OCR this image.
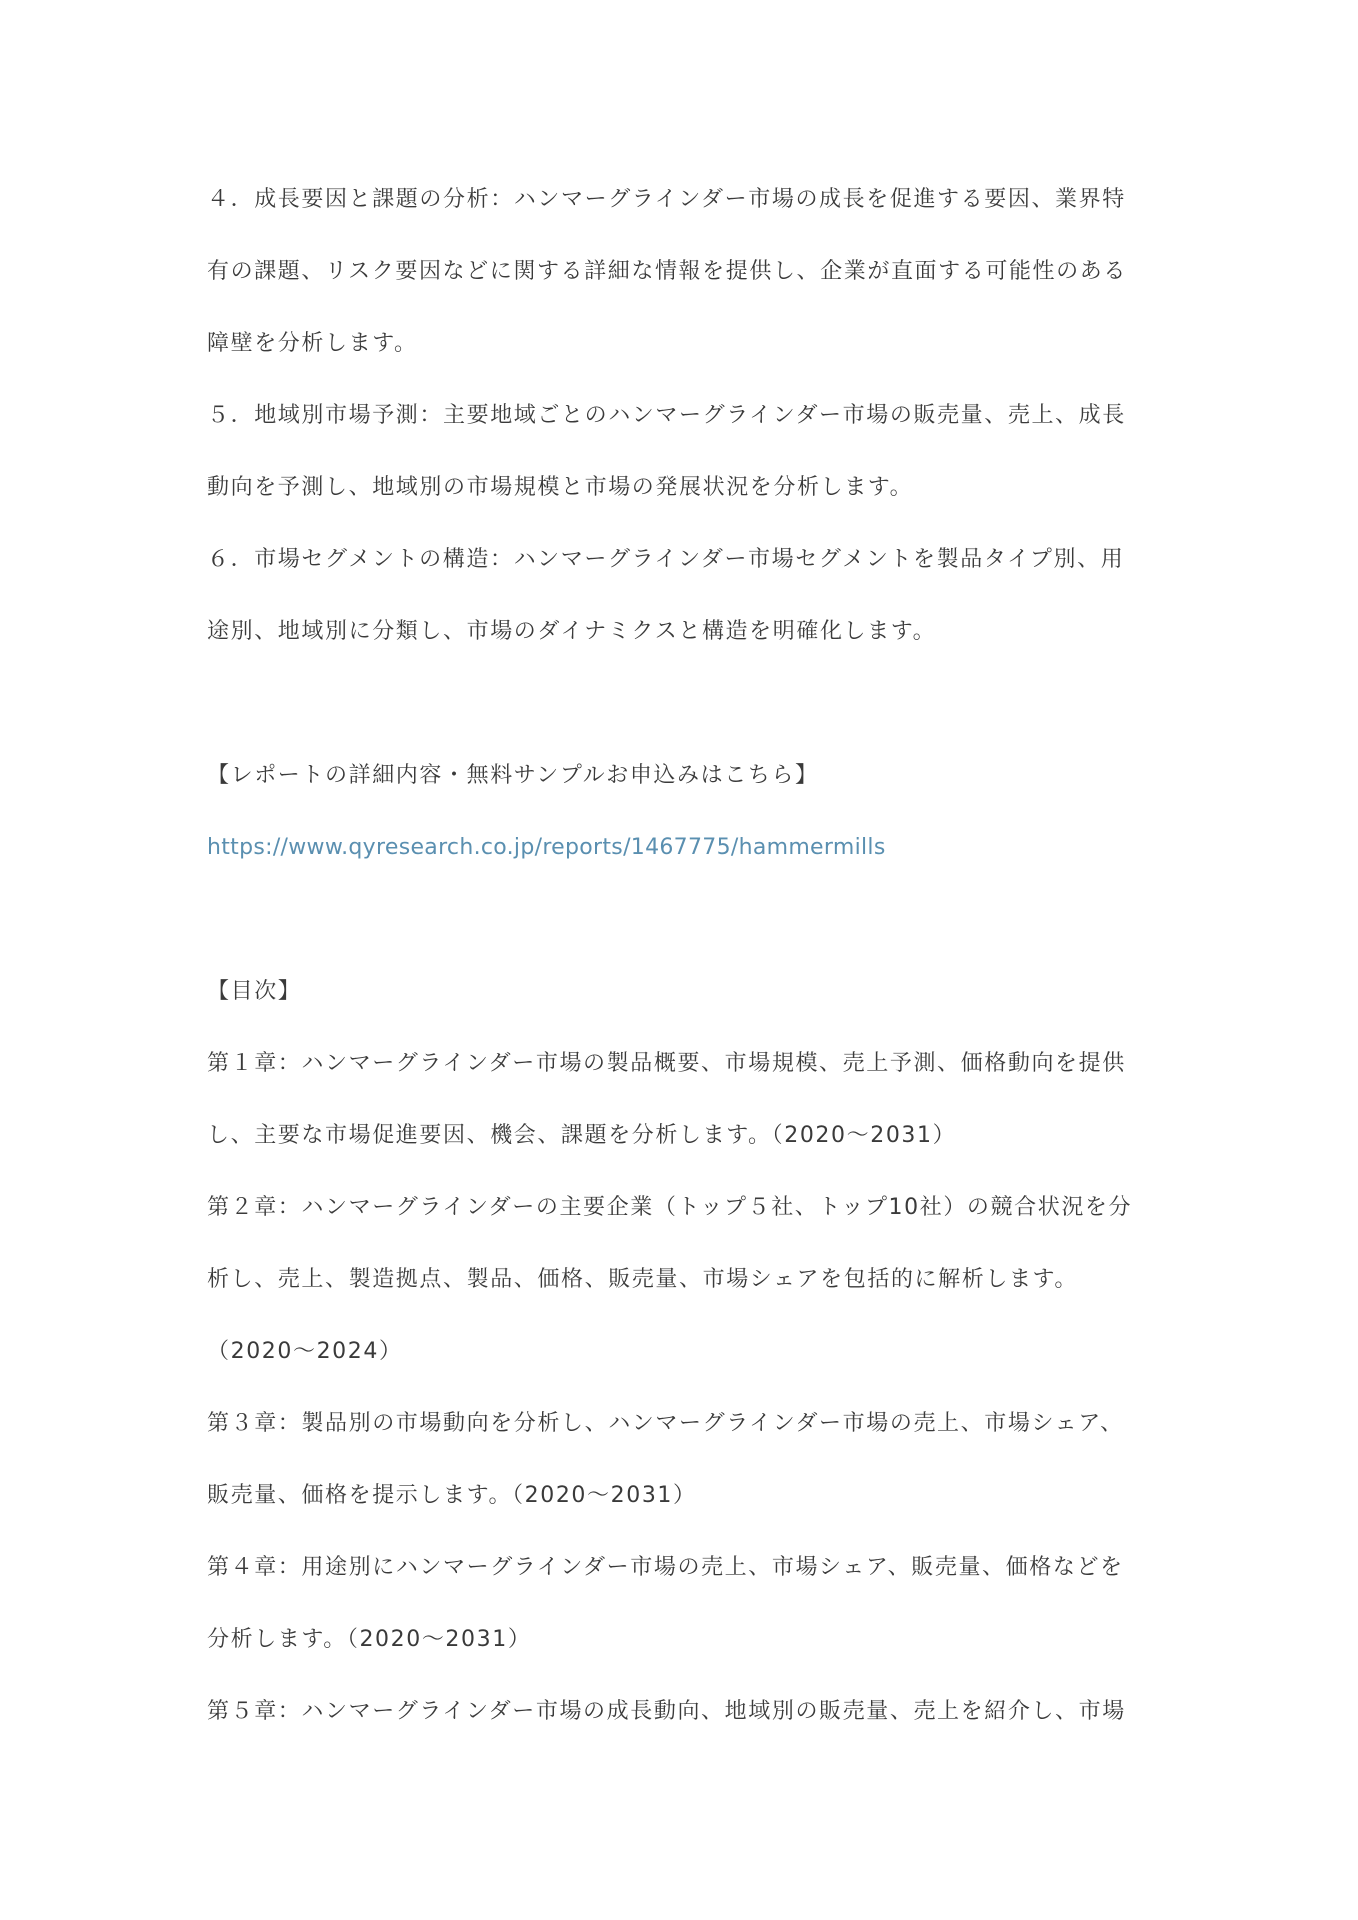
４．成長要因と課題の分析：ハンマーグラインダー市場の成長を促進する要因、業界特
有の課題、リスク要因などに関する詳細な情報を提供し、企業が直面する可能性のある
障壁を分析します。
５．地域別市場予測：主要地域ごとのハンマーグラインダー市場の販売量、売上、成長
動向を予測し、地域別の市場規模と市場の発展状況を分析します。
６．市場セグメントの構造：ハンマーグラインダー市場セグメントを製品タイプ別、用
途別、地域別に分類し、市場のダイナミクスと構造を明確化します。
【レポートの詳細内容・無料サンプルお申込みはこちら】
https://www.qyresearch.co.jp/reports/1467775/hammermills
【目次】
第１章：ハンマーグラインダー市場の製品概要、市場規模、売上予測、価格動向を提供
し、主要な市場促進要因、機会、課題を分析します。（2020～2031）
第２章：ハンマーグラインダーの主要企業（トップ５社、トップ10社）の競合状況を分
析し、売上、製造拠点、製品、価格、販売量、市場シェアを包括的に解析します。
（2020～2024）
第３章：製品別の市場動向を分析し、ハンマーグラインダー市場の売上、市場シェア、
販売量、価格を提示します。（2020～2031）
第４章：用途別にハンマーグラインダー市場の売上、市場シェア、販売量、価格などを
分析します。（2020～2031）
第５章：ハンマーグラインダー市場の成長動向、地域別の販売量、売上を紹介し、市場
